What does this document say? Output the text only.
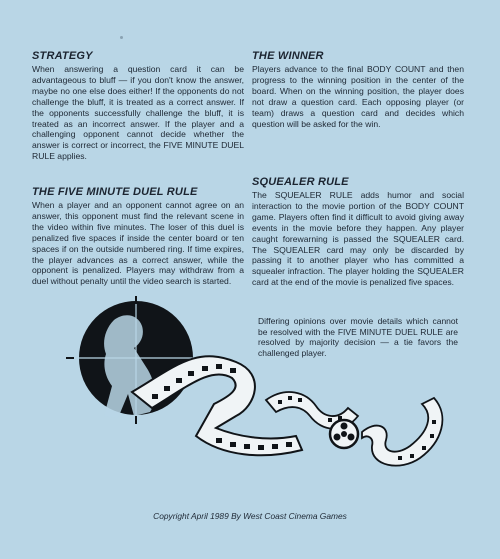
STRATEGY

When answering a question card it can be advantageous to bluff — if you don't know the answer, maybe no one else does either! If the opponents do not challenge the bluff, it is treated as a correct answer. If the opponents successfully challenge the bluff, it is treated as an incorrect answer. If the player and a challenging opponent cannot decide whether the answer is correct or incorrect, the FIVE MINUTE DUEL RULE applies.

THE WINNER

Players advance to the final BODY COUNT and then progress to the winning position in the center of the board. When on the winning position, the player does not draw a question card. Each opposing player (or team) draws a question card and decides which question will be asked for the win.

THE FIVE MINUTE DUEL RULE

When a player and an opponent cannot agree on an answer, this opponent must find the relevant scene in the video within five minutes. The loser of this duel is penalized five spaces if inside the center board or ten spaces if on the outside numbered ring. If time expires, the player advances as a correct answer, while the opponent is penalized. Players may withdraw from a duel without penalty until the video search is started.

SQUEALER RULE

The SQUEALER RULE adds humor and social interaction to the movie portion of the BODY COUNT game. Players often find it difficult to avoid giving away events in the movie before they happen. Any player caught forewarning is passed the SQUEALER card. The SQUEALER card may only be discarded by passing it to another player who has committed a squealer infraction. The player holding the SQUEALER card at the end of the movie is penalized five spaces.

Differing opinions over movie details which cannot be resolved with the FIVE MINUTE DUEL RULE are resolved by majority decision — a tie favors the challenged player.

Copyright April 1989 By West Coast Cinema Games
